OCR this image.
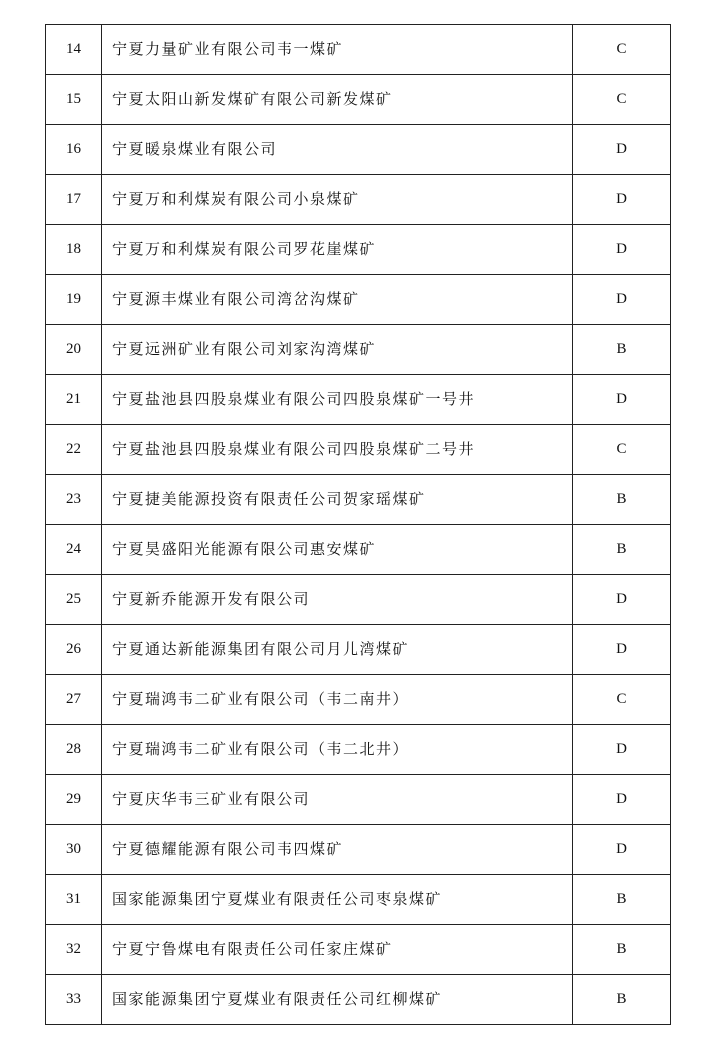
14	宁夏力量矿业有限公司韦一煤矿	C
15	宁夏太阳山新发煤矿有限公司新发煤矿	C
16	宁夏暖泉煤业有限公司	D
17	宁夏万和利煤炭有限公司小泉煤矿	D
18	宁夏万和利煤炭有限公司罗花崖煤矿	D
19	宁夏源丰煤业有限公司湾岔沟煤矿	D
20	宁夏远洲矿业有限公司刘家沟湾煤矿	B
21	宁夏盐池县四股泉煤业有限公司四股泉煤矿一号井	D
22	宁夏盐池县四股泉煤业有限公司四股泉煤矿二号井	C
23	宁夏捷美能源投资有限责任公司贺家瑶煤矿	B
24	宁夏昊盛阳光能源有限公司惠安煤矿	B
25	宁夏新乔能源开发有限公司	D
26	宁夏通达新能源集团有限公司月儿湾煤矿	D
27	宁夏瑞鸿韦二矿业有限公司（韦二南井）	C
28	宁夏瑞鸿韦二矿业有限公司（韦二北井）	D
29	宁夏庆华韦三矿业有限公司	D
30	宁夏德耀能源有限公司韦四煤矿	D
31	国家能源集团宁夏煤业有限责任公司枣泉煤矿	B
32	宁夏宁鲁煤电有限责任公司任家庄煤矿	B
33	国家能源集团宁夏煤业有限责任公司红柳煤矿	B
